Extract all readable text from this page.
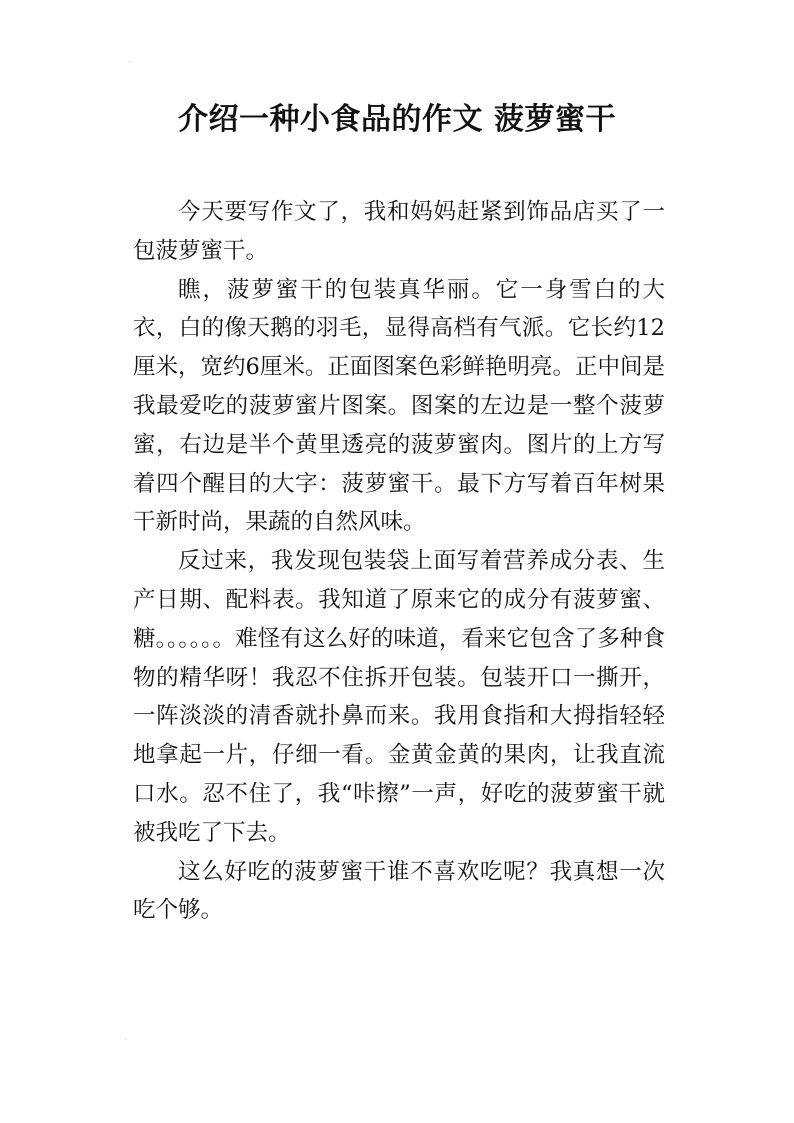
·
介绍一种小食品的作文 菠萝蜜干

今天要写作文了，我和妈妈赶紧到饰品店买了一包菠萝蜜干。

瞧，菠萝蜜干的包装真华丽。它一身雪白的大衣，白的像天鹅的羽毛，显得高档有气派。它长约12厘米，宽约6厘米。正面图案色彩鲜艳明亮。正中间是我最爱吃的菠萝蜜片图案。图案的左边是一整个菠萝蜜，右边是半个黄里透亮的菠萝蜜肉。图片的上方写着四个醒目的大字：菠萝蜜干。最下方写着百年树果干新时尚，果蔬的自然风味。

反过来，我发现包装袋上面写着营养成分表、生产日期、配料表。我知道了原来它的成分有菠萝蜜、糖。。。。。。难怪有这么好的味道，看来它包含了多种食物的精华呀！我忍不住拆开包装。包装开口一撕开，一阵淡淡的清香就扑鼻而来。我用食指和大拇指轻轻地拿起一片，仔细一看。金黄金黄的果肉，让我直流口水。忍不住了，我“咔擦”一声，好吃的菠萝蜜干就被我吃了下去。

这么好吃的菠萝蜜干谁不喜欢吃呢？我真想一次吃个够。

·
